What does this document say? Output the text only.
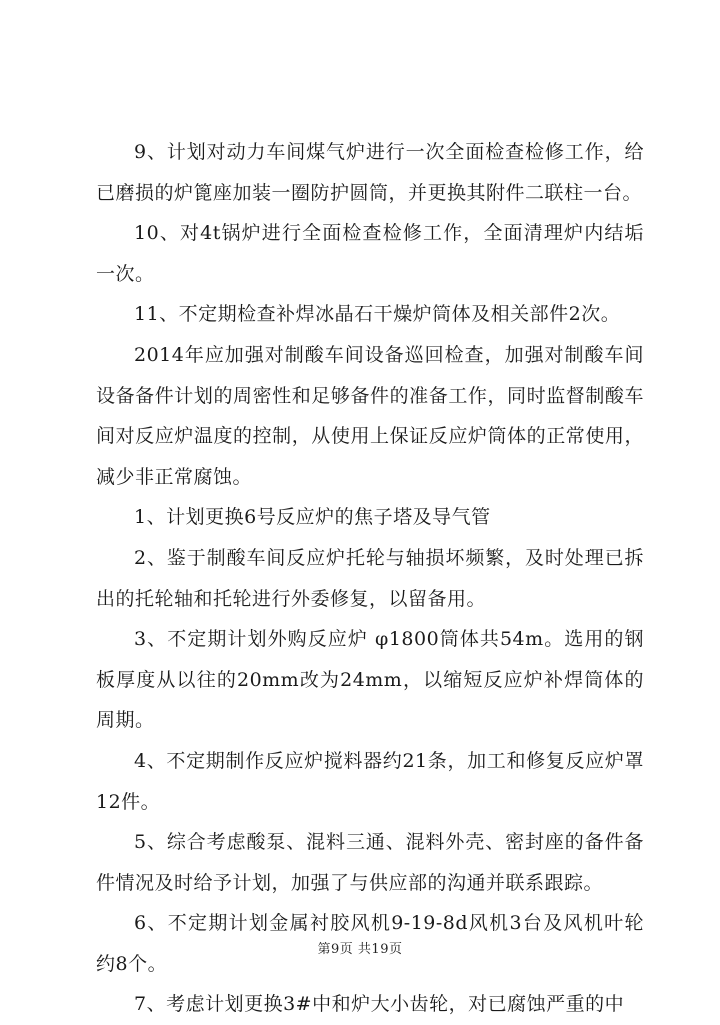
9、计划对动力车间煤气炉进行一次全面检查检修工作，给已磨损的炉篦座加装一圈防护圆筒，并更换其附件二联柱一台。

10、对4t锅炉进行全面检查检修工作，全面清理炉内结垢一次。

11、不定期检查补焊冰晶石干燥炉筒体及相关部件2次。

2014年应加强对制酸车间设备巡回检查，加强对制酸车间设备备件计划的周密性和足够备件的准备工作，同时监督制酸车间对反应炉温度的控制，从使用上保证反应炉筒体的正常使用，减少非正常腐蚀。

1、计划更换6号反应炉的焦子塔及导气管

2、鉴于制酸车间反应炉托轮与轴损坏频繁，及时处理已拆出的托轮轴和托轮进行外委修复，以留备用。

3、不定期计划外购反应炉 φ1800筒体共54m。选用的钢板厚度从以往的20mm改为24mm，以缩短反应炉补焊筒体的周期。

4、不定期制作反应炉搅料器约21条，加工和修复反应炉罩12件。

5、综合考虑酸泵、混料三通、混料外壳、密封座的备件备件情况及时给予计划，加强了与供应部的沟通并联系跟踪。

6、不定期计划金属衬胶风机9-19-8d风机3台及风机叶轮约8个。

7、考虑计划更换3#中和炉大小齿轮，对已腐蚀严重的中

第9页 共19页
